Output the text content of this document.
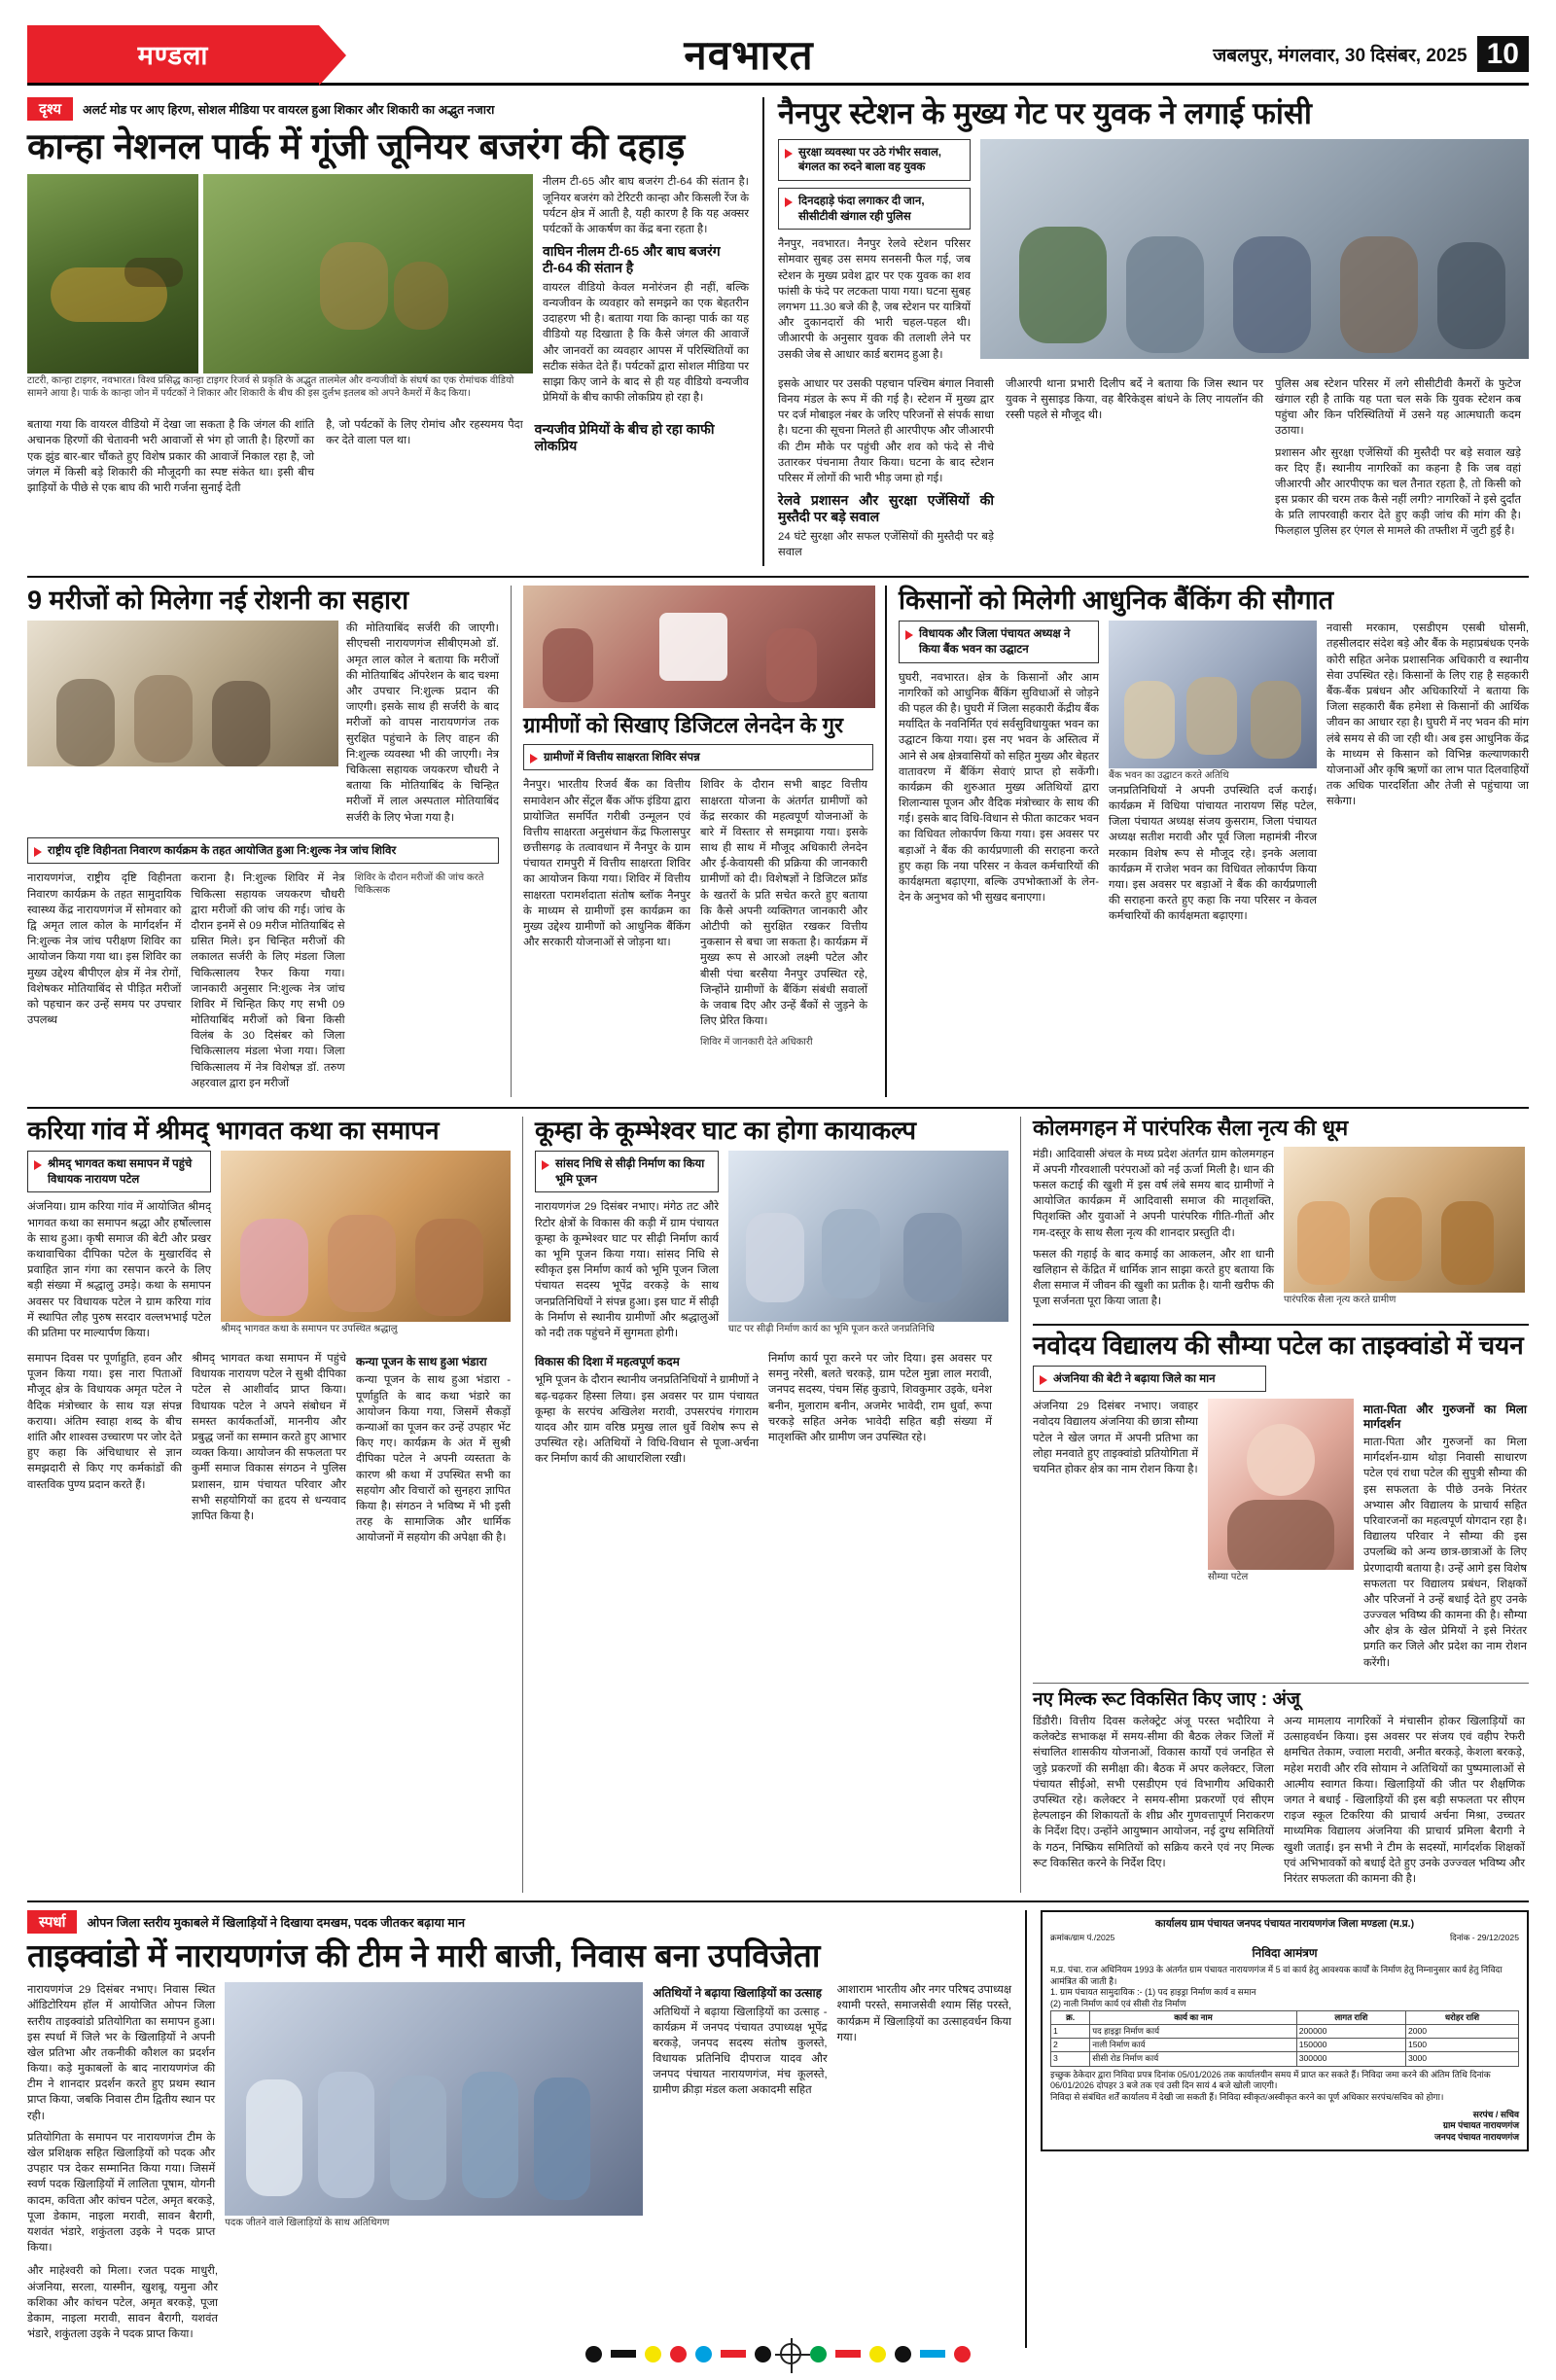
मण्डला	नवभारत	जबलपुर, मंगलवार, 30 दिसंबर, 2025 10
दृश्य	अलर्ट मोड पर आए हिरण, सोशल मीडिया पर वायरल हुआ शिकार और शिकारी का अद्भुत नजारा
कान्हा नेशनल पार्क में गूंजी जूनियर बजरंग की दहाड़
टाटरी, कान्हा टाइगर, नवभारत। विश्व प्रसिद्ध कान्हा टाइगर रिजर्व से प्रकृति के अद्भुत तालमेल और वन्यजीवों के संघर्ष का एक रोमांचक वीडियो सामने आया है। पार्क के कान्हा जोन में पर्यटकों ने शिकार और शिकारी के बीच की इस दुर्लभ इतलब को अपने कैमरों में कैद किया।

नीलम टी-65 और बाघ बजरंग टी-64 की संतान है। जूनियर बजरंग को टेरिटरी कान्हा और किसली रेंज के पर्यटन क्षेत्र में आती है, यही कारण है कि यह अक्सर पर्यटकों के आकर्षण का केंद्र बना रहता है।

वाघिन नीलम टी-65 और बाघ बजरंग टी-64 की संतान है

वायरल वीडियो केवल मनोरंजन ही नहीं, बल्कि वन्यजीवन के व्यवहार को समझने का एक बेहतरीन उदाहरण भी है। बताया गया कि कान्हा पार्क का यह वीडियो यह दिखाता है कि कैसे जंगल की आवाजें और जानवरों का व्यवहार आपस में परिस्थितियों का सटीक संकेत देते हैं। पर्यटकों द्वारा सोशल मीडिया पर साझा किए जाने के बाद से ही यह वीडियो वन्यजीव प्रेमियों के बीच काफी लोकप्रिय हो रहा है।

बताया गया कि वायरल वीडियो में देखा जा सकता है कि जंगल की शांति अचानक हिरणों की चेतावनी भरी आवाजों से भंग हो जाती है। हिरणों का एक झुंड बार-बार चौंकते हुए विशेष प्रकार की आवाजें निकाल रहा है, जो जंगल में किसी बड़े शिकारी की मौजूदगी का स्पष्ट संकेत था। इसी बीच झाड़ियों के पीछे से एक बाघ की भारी गर्जना सुनाई देती

है, जो पर्यटकों के लिए रोमांच और रहस्यमय पैदा कर देते वाला पल था।

वन्यजीव प्रेमियों के बीच हो रहा काफी लोकप्रिय
नैनपुर स्टेशन के मुख्य गेट पर युवक ने लगाई फांसी
सुरक्षा व्यवस्था पर उठे गंभीर सवाल, बंगलत का रुदने बाला वह युवक
दिनदहाड़े फंदा लगाकर दी जान, सीसीटीवी खंगाल रही पुलिस

नैनपुर, नवभारत। नैनपुर रेलवे स्टेशन परिसर सोमवार सुबह उस समय सनसनी फैल गई, जब स्टेशन के मुख्य प्रवेश द्वार पर एक युवक का शव फांसी के फंदे पर लटकता पाया गया। घटना सुबह लगभग 11.30 बजे की है, जब स्टेशन पर यात्रियों और दुकानदारों की भारी चहल-पहल थी। जीआरपी के अनुसार युवक की तलाशी लेने पर उसकी जेब से आधार कार्ड बरामद हुआ है।

इसके आधार पर उसकी पहचान पश्चिम बंगाल निवासी विनय मंडल के रूप में की गई है। स्टेशन में मुख्य द्वार पर दर्ज मोबाइल नंबर के जरिए परिजनों से संपर्क साधा है। घटना की सूचना मिलते ही आरपीएफ और जीआरपी की टीम मौके पर पहुंची और शव को फंदे से नीचे उतारकर पंचनामा तैयार किया। घटना के बाद स्टेशन परिसर में लोगों की भारी भीड़ जमा हो गई।

रेलवे प्रशासन और सुरक्षा एजेंसियों की मुस्तैदी पर बड़े सवाल

24 घंटे सुरक्षा और सफल एजेंसियों की मुस्तैदी पर बड़े सवाल

जीआरपी थाना प्रभारी दिलीप बर्दे ने बताया कि जिस स्थान पर युवक ने सुसाइड किया, वह बैरिकेड्स बांधने के लिए नायलॉन की रस्सी पहले से मौजूद थी।

पुलिस अब स्टेशन परिसर में लगे सीसीटीवी कैमरों के फुटेज खंगाल रही है ताकि यह पता चल सके कि युवक स्टेशन कब पहुंचा और किन परिस्थितियों में उसने यह आत्मघाती कदम उठाया।

प्रशासन और सुरक्षा एजेंसियों की मुस्तैदी पर बड़े सवाल खड़े कर दिए हैं। स्थानीय नागरिकों का कहना है कि जब वहां जीआरपी और आरपीएफ का चल तैनात रहता है, तो किसी को इस प्रकार की चरम तक कैसे नहीं लगी? नागरिकों ने इसे दुर्दांत के प्रति लापरवाही करार देते हुए कड़ी जांच की मांग की है। फिलहाल पुलिस हर एंगल से मामले की तफ्तीश में जुटी हुई है।

9 मरीजों को मिलेगा नई रोशनी का सहारा

की मोतियाबिंद सर्जरी की जाएगी। सीएचसी नारायणगंज सीबीएमओ डॉ. अमृत लाल कोल ने बताया कि मरीजों की मोतियाबिंद ऑपरेशन के बाद चश्मा और उपचार नि:शुल्क प्रदान की जाएगी। इसके साथ ही सर्जरी के बाद मरीजों को वापस नारायणगंज तक सुरक्षित पहुंचाने के लिए वाहन की नि:शुल्क व्यवस्था भी की जाएगी। नेत्र चिकित्सा सहायक जयकरण चौधरी ने बताया कि मोतियाबिंद के चिन्हित मरीजों में लाल अस्पताल मोतियाबिंद सर्जरी के लिए भेजा गया है।

राष्ट्रीय दृष्टि विहीनता निवारण कार्यक्रम के तहत आयोजित हुआ नि:शुल्क नेत्र जांच शिविर

नारायणगंज, राष्ट्रीय दृष्टि विहीनता निवारण कार्यक्रम के तहत सामुदायिक स्वास्थ्य केंद्र नारायणगंज में सोमवार को द्वि अमृत लाल कोल के मार्गदर्शन में नि:शुल्क नेत्र जांच परीक्षण शिविर का आयोजन किया गया था। इस शिविर का मुख्य उद्देश्य बीपीएल क्षेत्र में नेत्र रोगों, विशेषकर मोतियाबिंद से पीड़ित मरीजों को पहचान कर उन्हें समय पर उपचार उपलब्ध

कराना है। नि:शुल्क शिविर में नेत्र चिकित्सा सहायक जयकरण चौधरी द्वारा मरीजों की जांच की गई। जांच के दौरान इनमें से 09 मरीज मोतियाबिंद से ग्रसित मिले। इन चिन्हित मरीजों की लकालत सर्जरी के लिए मंडला जिला चिकित्सालय रैफर किया गया। जानकारी अनुसार नि:शुल्क नेत्र जांच शिविर में चिन्हित किए गए सभी 09 मोतियाबिंद मरीजों को बिना किसी विलंब के 30 दिसंबर को जिला चिकित्सालय मंडला भेजा गया। जिला चिकित्सालय में नेत्र विशेषज्ञ डॉ. तरुण अहरवाल द्वारा इन मरीजों

शिविर के दौरान मरीजों की जांच करते चिकित्सक
ग्रामीणों को सिखाए डिजिटल लेनदेन के गुर
ग्रामीणों में वित्तीय साक्षरता शिविर संपन्न

नैनपुर। भारतीय रिजर्व बैंक का वित्तीय समावेशन और सेंट्रल बैंक ऑफ इंडिया द्वारा प्रायोजित समर्पित गरीबी उन्मूलन एवं वित्तीय साक्षरता अनुसंधान केंद्र फिलासपुर छत्तीसगढ़ के तत्वावधान में नैनपुर के ग्राम पंचायत रामपुरी में वित्तीय साक्षरता शिविर का आयोजन किया गया। शिविर में वित्तीय साक्षरता परामर्शदाता संतोष ब्लॉक नैनपुर के माध्यम से ग्रामीणों इस कार्यक्रम का मुख्य उद्देश्य ग्रामीणों को आधुनिक बैंकिंग और सरकारी योजनाओं से जोड़ना था।

शिविर के दौरान सभी बाइट वित्तीय साक्षरता योजना के अंतर्गत ग्रामीणों को केंद्र सरकार की महत्वपूर्ण योजनाओं के बारे में विस्तार से समझाया गया। इसके साथ ही साथ में मौजूद अधिकारी लेनदेन और ई-केवायसी की प्रक्रिया की जानकारी ग्रामीणों को दी। विशेषज्ञों ने डिजिटल फ्रॉड के खतरों के प्रति सचेत करते हुए बताया कि कैसे अपनी व्यक्तिगत जानकारी और ओटीपी को सुरक्षित रखकर वित्तीय नुकसान से बचा जा सकता है। कार्यक्रम में मुख्य रूप से आरओ लक्ष्मी पटेल और बीसी पंचा बरसैया नैनपुर उपस्थित रहे, जिन्होंने ग्रामीणों के बैंकिंग संबंधी सवालों के जवाब दिए और उन्हें बैंकों से जुड़ने के लिए प्रेरित किया।

शिविर में जानकारी देते अधिकारी
किसानों को मिलेगी आधुनिक बैंकिंग की सौगात
विधायक और जिला पंचायत अध्यक्ष ने किया बैंक भवन का उद्घाटन

घुघरी, नवभारत। क्षेत्र के किसानों और आम नागरिकों को आधुनिक बैंकिंग सुविधाओं से जोड़ने की पहल की है। घुघरी में जिला सहकारी केंद्रीय बैंक मर्यादित के नवनिर्मित एवं सर्वसुविधायुक्त भवन का उद्घाटन किया गया। इस नए भवन के अस्तित्व में आने से अब क्षेत्रवासियों को सहित मुख्य और बेहतर वातावरण में बैंकिंग सेवाएं प्राप्त हो सकेंगी। कार्यक्रम की शुरुआत मुख्य अतिथियों द्वारा शिलान्यास पूजन और वैदिक मंत्रोच्चार के साथ की गई। इसके बाद विधि-विधान से फीता काटकर भवन का विधिवत लोकार्पण किया गया। इस अवसर पर बड़ाओं ने बैंक की कार्यप्रणाली की सराहना करते हुए कहा कि नया परिसर न केवल कर्मचारियों की कार्यक्षमता बढ़ाएगा, बल्कि उपभोक्ताओं के लेन-देन के अनुभव को भी सुखद बनाएगा।

बैंक भवन का उद्घाटन करते अतिथि

जनप्रतिनिधियों ने अपनी उपस्थिति दर्ज कराई। कार्यक्रम में विधिया पांचायत नारायण सिंह पटेल, जिला पंचायत अध्यक्ष संजय कुसराम, जिला पंचायत अध्यक्ष सतीश मरावी और पूर्व जिला महामंत्री नीरज मरकाम विशेष रूप से मौजूद रहे। इनके अलावा कार्यक्रम में राजेश भवन का विधिवत लोकार्पण किया गया। इस अवसर पर बड़ाओं ने बैंक की कार्यप्रणाली की सराहना करते हुए कहा कि नया परिसर न केवल कर्मचारियों की कार्यक्षमता बढ़ाएगा।

नवासी मरकाम, एसडीएम एसबी घोसमी, तहसीलदार संदेश बड़े और बैंक के महाप्रबंधक एनके कोरी सहित अनेक प्रशासनिक अधिकारी व स्थानीय सेवा उपस्थित रहे। किसानों के लिए राह है सहकारी बैंक-बैंक प्रबंधन और अधिकारियों ने बताया कि जिला सहकारी बैंक हमेशा से किसानों की आर्थिक जीवन का आधार रहा है। घुघरी में नए भवन की मांग लंबे समय से की जा रही थी। अब इस आधुनिक केंद्र के माध्यम से किसान को विभिन्न कल्याणकारी योजनाओं और कृषि ऋणों का लाभ पात दिलवाहियों तक अधिक पारदर्शिता और तेजी से पहुंचाया जा सकेगा।

करिया गांव में श्रीमद् भागवत कथा का समापन
श्रीमद् भागवत कथा समापन में पहुंचे विधायक नारायण पटेल

अंजनिया। ग्राम करिया गांव में आयोजित श्रीमद् भागवत कथा का समापन श्रद्धा और हर्षोल्लास के साथ हुआ। कृषी समाज की बेटी और प्रखर कथावाचिका दीपिका पटेल के मुखारविंद से प्रवाहित ज्ञान गंगा का रसपान करने के लिए बड़ी संख्या में श्रद्धालु उमड़े। कथा के समापन अवसर पर विधायक पटेल ने ग्राम करिया गांव में स्थापित लौह पुरुष सरदार वल्लभभाई पटेल की प्रतिमा पर माल्यार्पण किया।	श्रीमद् भागवत कथा के समापन पर उपस्थित श्रद्धालु

समापन दिवस पर पूर्णाहुति, हवन और पूजन किया गया। इस नारा पिताओं मौजूद क्षेत्र के विधायक अमृत पटेल ने वैदिक मंत्रोच्चार के साथ यज्ञ संपन्न कराया। अंतिम स्वाहा शब्द के बीच शांति और शाश्वस उच्चारण पर जोर देते हुए कहा कि अंचिधाधार से ज्ञान समझदारी से किए गए कर्मकांडों की वास्तविक पुण्य प्रदान करते हैं।

श्रीमद् भागवत कथा समापन में पहुंचे विधायक नारायण पटेल ने सुश्री दीपिका पटेल से आशीर्वाद प्राप्त किया। विधायक पटेल ने अपने संबोधन में समस्त कार्यकर्ताओं, माननीय और प्रबुद्ध जनों का सम्मान करते हुए आभार व्यक्त किया। आयोजन की सफलता पर कुर्मी समाज विकास संगठन ने पुलिस प्रशासन, ग्राम पंचायत परिवार और सभी सहयोगियों का हृदय से धन्यवाद ज्ञापित किया है।

कन्या पूजन के साथ हुआ भंडारा

कन्या पूजन के साथ हुआ भंडारा - पूर्णाहुति के बाद कथा भंडारे का आयोजन किया गया, जिसमें सैकड़ों कन्याओं का पूजन कर उन्हें उपहार भेंट किए गए। कार्यक्रम के अंत में सुश्री दीपिका पटेल ने अपनी व्यस्तता के कारण श्री कथा में उपस्थित सभी का सहयोग और विचारों को सुनहरा ज्ञापित किया है। संगठन ने भविष्य में भी इसी तरह के सामाजिक और धार्मिक आयोजनों में सहयोग की अपेक्षा की है।

कूम्हा के कूम्भेश्वर घाट का होगा कायाकल्प
सांसद निधि से सीढ़ी निर्माण का किया भूमि पूजन

नारायणगंज 29 दिसंबर नभाए। मंगेठ तट औरे रिटोर क्षेत्रों के विकास की कड़ी में ग्राम पंचायत कूम्हा के कूम्भेश्वर घाट पर सीढ़ी निर्माण कार्य का भूमि पूजन किया गया। सांसद निधि से स्वीकृत इस निर्माण कार्य को भूमि पूजन जिला पंचायत सदस्य भूपेंद्र वरकड़े के साथ जनप्रतिनिधियों ने संपन्न हुआ। इस घाट में सीढ़ी के निर्माण से स्थानीय ग्रामीणों और श्रद्धालुओं को नदी तक पहुंचने में सुगमता होगी।	घाट पर सीढ़ी निर्माण कार्य का भूमि पूजन करते जनप्रतिनिधि
विकास की दिशा में महत्वपूर्ण कदम

भूमि पूजन के दौरान स्थानीय जनप्रतिनिधियों ने ग्रामीणों ने बढ़-चढ़कर हिस्सा लिया। इस अवसर पर ग्राम पंचायत कूम्हा के सरपंच अखिलेश मरावी, उपसरपंच गंगाराम यादव और ग्राम वरिष्ठ प्रमुख लाल धुर्वे विशेष रूप से उपस्थित रहे। अतिथियों ने विधि-विधान से पूजा-अर्चना कर निर्माण कार्य की आधारशिला रखी।

निर्माण कार्य पूरा करने पर जोर दिया। इस अवसर पर समनु नरेसी, बलते चरकड़े, ग्राम पटेल मुन्ना लाल मरावी, जनपद सदस्य, पंचम सिंह कुडापे, शिवकुमार उइके, धनेश बनीन, मुलाराम बनीन, अजमेर भावेदी, राम धुर्वा, रूपा चरकड़े सहित अनेक भावेदी सहित बड़ी संख्या में मातृशक्ति और ग्रामीण जन उपस्थित रहे।

कोलमगहन में पारंपरिक सैला नृत्य की धूम

मंडी। आदिवासी अंचल के मध्य प्रदेश अंतर्गत ग्राम कोलमगहन में अपनी गौरवशाली परंपराओं को नई ऊर्जा मिली है। धान की फसल कटाई की खुशी में इस वर्ष लंबे समय बाद ग्रामीणों ने आयोजित कार्यक्रम में आदिवासी समाज की मातृशक्ति, पितृशक्ति और युवाओं ने अपनी पारंपरिक गीति-गीतों और गम-दस्तूर के साथ सैला नृत्य की शानदार प्रस्तुति दी।

फसल की गहाई के बाद कमाई का आकलन, और शा धानी खलिहान से केंद्रित में धार्मिक ज्ञान साझा करते हुए बताया कि शैला समाज में जीवन की खुशी का प्रतीक है। यानी खरीफ की पूजा सर्जनता पूरा किया जाता है।	पारंपरिक सैला नृत्य करते ग्रामीण
नवोदय विद्यालय की सौम्या पटेल का ताइक्वांडो में चयन
अंजनिया की बेटी ने बढ़ाया जिले का मान

अंजनिया 29 दिसंबर नभाए। जवाहर नवोदय विद्यालय अंजनिया की छात्रा सौम्या पटेल ने खेल जगत में अपनी प्रतिभा का लोहा मनवाते हुए ताइक्वांडो प्रतियोगिता में चयनित होकर क्षेत्र का नाम रोशन किया है।

सौम्या पटेल
माता-पिता और गुरुजनों का मिला मार्गदर्शन

माता-पिता और गुरुजनों का मिला मार्गदर्शन-ग्राम थोड़ा निवासी साधारण पटेल एवं राधा पटेल की सुपुत्री सौम्या की इस सफलता के पीछे उनके निरंतर अभ्यास और विद्यालय के प्राचार्य सहित परिवारजनों का महत्वपूर्ण योगदान रहा है। विद्यालय परिवार ने सौम्या की इस उपलब्धि को अन्य छात्र-छात्राओं के लिए प्रेरणादायी बताया है। उन्हें आगे इस विशेष सफलता पर विद्यालय प्रबंधन, शिक्षकों और परिजनों ने उन्हें बधाई देते हुए उनके उज्ज्वल भविष्य की कामना की है। सौम्या और क्षेत्र के खेल प्रेमियों ने इसे निरंतर प्रगति कर जिले और प्रदेश का नाम रोशन करेंगी।

नए मिल्क रूट विकसित किए जाए : अंजू

डिंडौरी। वित्तीय दिवस कलेक्ट्रेट अंजू परस्त भदौरिया ने कलेक्टेड सभाकक्ष में समय-सीमा की बैठक लेकर जिलों में संचालित शासकीय योजनाओं, विकास कार्यों एवं जनहित से जुड़े प्रकरणों की समीक्षा की। बैठक में अपर कलेक्टर, जिला पंचायत सीईओ, सभी एसडीएम एवं विभागीय अधिकारी उपस्थित रहे। कलेक्टर ने समय-सीमा प्रकरणों एवं सीएम हेल्पलाइन की शिकायतों के शीघ्र और गुणवत्तापूर्ण निराकरण के निर्देश दिए। उन्होंने आयुष्मान आयोजन, नई दुग्ध समितियों के गठन, निष्क्रिय समितियों को सक्रिय करने एवं नए मिल्क रूट विकसित करने के निर्देश दिए।

अन्य मामलाय नागरिकों ने मंचासीन होकर खिलाड़ियों का उत्साहवर्धन किया। इस अवसर पर संजय एवं वहीप रेफरी क्षमचित तेकाम, ज्वाला मरावी, अनीत बरकड़े, केशला बरकड़े, महेश मरावी और रवि सोयाम ने अतिथियों का पुष्पमालाओं से आत्मीय स्वागत किया। खिलाड़ियों की जीत पर शैक्षणिक जगत ने बधाई - खिलाड़ियों की इस बड़ी सफलता पर सीएम राइज स्कूल टिकरिया की प्राचार्य अर्चना मिश्रा, उच्चतर माध्यमिक विद्यालय अंजनिया की प्राचार्य प्रमिला बैरागी ने खुशी जताई। इन सभी ने टीम के सदस्यों, मार्गदर्शक शिक्षकों एवं अभिभावकों को बधाई देते हुए उनके उज्ज्वल भविष्य और निरंतर सफलता की कामना की है।

स्पर्धा	ओपन जिला स्तरीय मुकाबले में खिलाड़ियों ने दिखाया दमखम, पदक जीतकर बढ़ाया मान
ताइक्वांडो में नारायणगंज की टीम ने मारी बाजी, निवास बना उपविजेता

नारायणगंज 29 दिसंबर नभाए। निवास स्थित ऑडिटोरियम हॉल में आयोजित ओपन जिला स्तरीय ताइक्वांडो प्रतियोगिता का समापन हुआ। इस स्पर्धा में जिले भर के खिलाड़ियों ने अपनी खेल प्रतिभा और तकनीकी कौशल का प्रदर्शन किया। कड़े मुकाबलों के बाद नारायणगंज की टीम ने शानदार प्रदर्शन करते हुए प्रथम स्थान प्राप्त किया, जबकि निवास टीम द्वितीय स्थान पर रही।

प्रतियोगिता के समापन पर नारायणगंज टीम के खेल प्रशिक्षक सहित खिलाड़ियों को पदक और उपहार पत्र देकर सम्मानित किया गया। जिसमें स्वर्ण पदक खिलाड़ियों में लालिता पूषाम, योगनी कादम, कविता और कांचन पटेल, अमृत बरकड़े, पूजा डेकाम, नाइला मरावी, सावन बैरागी, यशवंत भंडारे, शकुंतला उइके ने पदक प्राप्त किया।

पदक जीतने वाले खिलाड़ियों के साथ अतिथिगण
अतिथियों ने बढ़ाया खिलाड़ियों का उत्साह

अतिथियों ने बढ़ाया खिलाड़ियों का उत्साह - कार्यक्रम में जनपद पंचायत उपाध्यक्ष भूपेंद्र बरकड़े, जनपद सदस्य संतोष कुलस्ते, विधायक प्रतिनिधि दीपराज यादव और जनपद पंचायत नारायणगंज, मंच कूलस्ते, ग्रामीण क्रीड़ा मंडल कला अकादमी सहित

आशाराम भारतीय और नगर परिषद उपाध्यक्ष श्यामी परस्ते, समाजसेवी श्याम सिंह परस्ते, कार्यक्रम में खिलाड़ियों का उत्साहवर्धन किया गया।

और माहेश्वरी को मिला। रजत पदक माधुरी, अंजनिया, सरला, यास्मीन, खुशबू, यमुना और कशिका और कांचन पटेल, अमृत बरकड़े, पूजा डेकाम, नाइला मरावी, सावन बैरागी, यशवंत भंडारे, शकुंतला उइके ने पदक प्राप्त किया।

कार्यालय ग्राम पंचायत जनपद पंचायत नारायणगंज जिला मण्डला (म.प्र.)
क्रमांक/ग्राम पं./2025	दिनांक - 29/12/2025
निविदा आमंत्रण
म.प्र. पंचा. राज अधिनियम 1993 के अंतर्गत ग्राम पंचायत नारायणगंज में 5 वां कार्य हेतु आवश्यक कार्यों के निर्माण हेतु निम्नानुसार कार्य हेतु निविदा आमंत्रित की जाती है।
1. ग्राम पंचायत सामुदायिक :- (1) पद हाइड्रा निर्माण कार्य व समान
(2) नाली निर्माण कार्य एवं सीसी रोड निर्माण
क्र.	कार्य का नाम	लागत राशि	धरोहर राशि
1	पद हाइड्रा निर्माण कार्य	200000	2000
2	नाली निर्माण कार्य	150000	1500
3	सीसी रोड निर्माण कार्य	300000	3000
इच्छुक ठेकेदार द्वारा निविदा प्रपत्र दिनांक 05/01/2026 तक कार्यालयीन समय में प्राप्त कर सकते हैं। निविदा जमा करने की अंतिम तिथि दिनांक 06/01/2026 दोपहर 3 बजे तक एवं उसी दिन सायं 4 बजे खोली जाएगी।
निविदा से संबंधित शर्तें कार्यालय में देखी जा सकती हैं। निविदा स्वीकृत/अस्वीकृत करने का पूर्ण अधिकार सरपंच/सचिव को होगा।
सरपंच / सचिव
ग्राम पंचायत नारायणगंज
जनपद पंचायत नारायणगंज
